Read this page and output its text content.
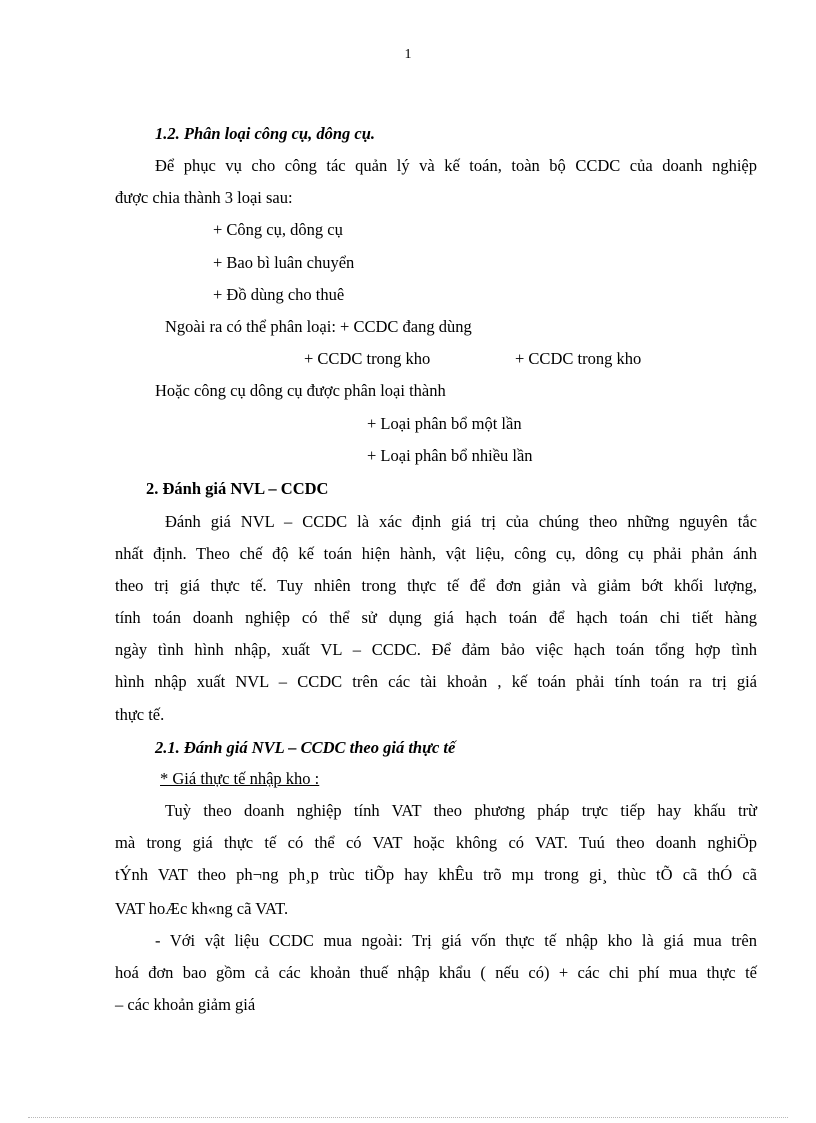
1
1.2. Phân loại công cụ, dông cụ.
Để phục vụ cho công tác quản lý và kế toán, toàn bộ CCDC của doanh nghiệp
được chia thành 3 loại sau:
+ Công cụ, dông cụ
+ Bao bì luân chuyển
+ Đồ dùng cho thuê
Ngoài ra có thể phân loại: + CCDC đang dùng
+ CCDC trong kho	+ CCDC trong kho
Hoặc công cụ dông cụ được phân loại thành
+ Loại phân bổ một lần
+ Loại phân bổ nhiều lần
2. Đánh giá NVL – CCDC
Đánh giá NVL – CCDC là xác định giá trị của chúng theo những nguyên tắc
nhất định. Theo chế độ kế toán hiện hành, vật liệu, công cụ, dông cụ phải phản ánh
theo trị giá thực tế. Tuy nhiên trong thực tế để đơn giản và giảm bớt khối lượng,
tính toán doanh nghiệp có thể sử dụng giá hạch toán để hạch toán chi tiết hàng
ngày tình hình nhập, xuất VL – CCDC. Để đảm bảo việc hạch toán tổng hợp tình
hình nhập xuất NVL – CCDC trên các tài khoản , kế toán phải tính toán ra trị giá
thực tế.
2.1. Đánh giá NVL – CCDC theo giá thực tế
* Giá thực tế nhập kho :
Tuỳ theo doanh nghiệp tính VAT theo phương pháp trực tiếp hay khấu trừ
mà trong giá thực tế có thể có VAT hoặc không có VAT. Tuú theo doanh nghiÖp
tÝnh VAT theo ph¬ng ph¸p trùc tiÕp hay khÊu trõ mµ trong gi¸ thùc tÕ cã thÓ cã
VAT hoÆc kh«ng cã VAT.
- Với vật liệu CCDC mua ngoài: Trị giá vốn thực tế nhập kho là giá mua trên
hoá đơn bao gồm cả các khoản thuế nhập khẩu ( nếu có) + các chi phí mua thực tế
– các khoản giảm giá
